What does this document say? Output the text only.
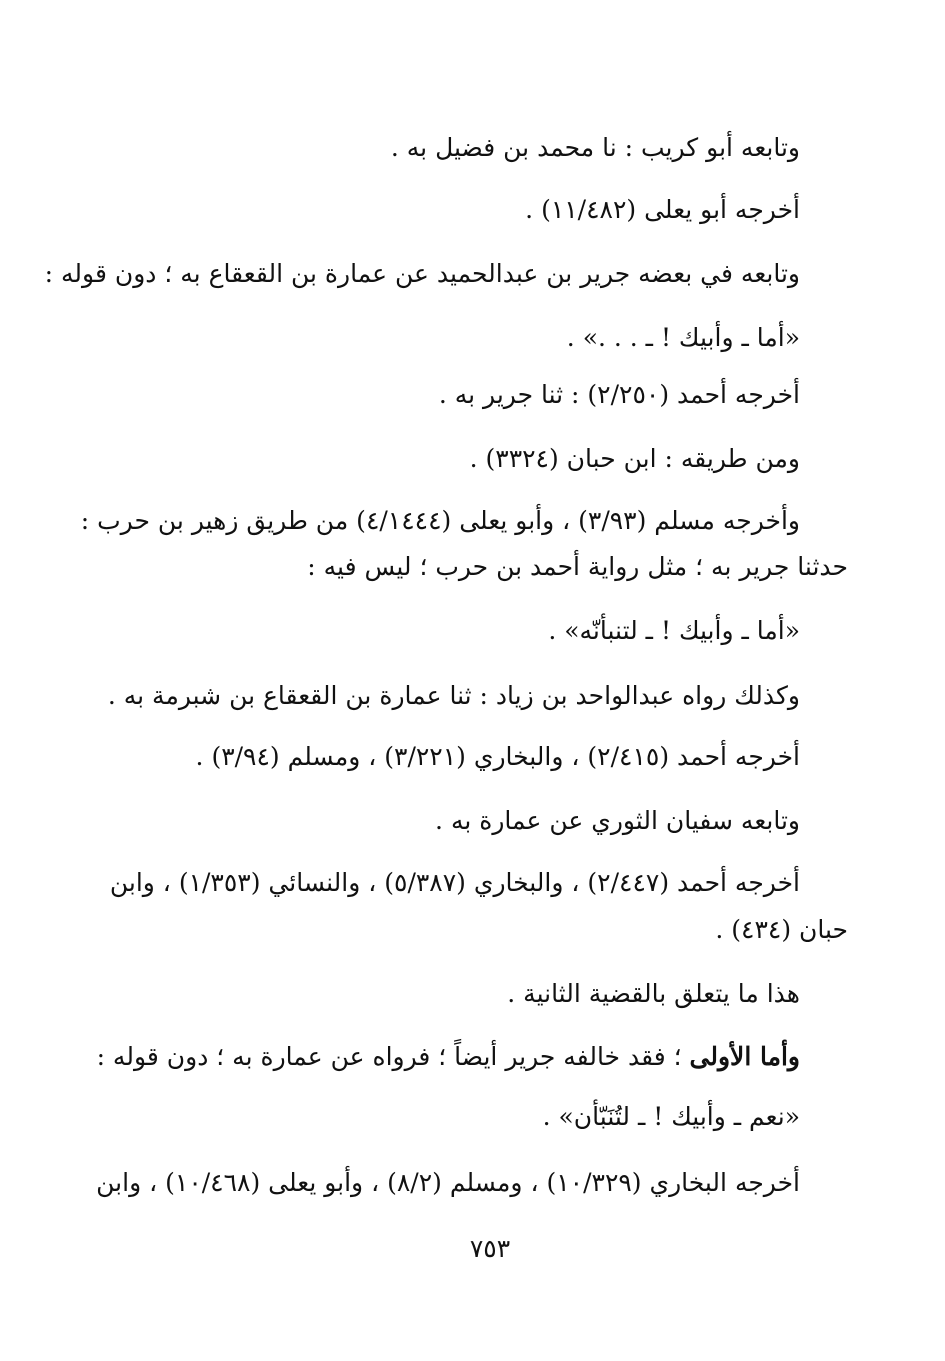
وتابعه أبو كريب : نا محمد بن فضيل به .
أخرجه أبو يعلى (١١/٤٨٢) .
وتابعه في بعضه جرير بن عبدالحميد عن عمارة بن القعقاع به ؛ دون قوله :
«أما ـ وأبيك ! ـ . . .» .
أخرجه أحمد (٢/٢٥٠) : ثنا جرير به .
ومن طريقه : ابن حبان (٣٣٢٤) .
وأخرجه مسلم (٣/٩٣) ، وأبو يعلى (٤/١٤٤٤) من طريق زهير بن حرب :
حدثنا جرير به ؛ مثل رواية أحمد بن حرب ؛ ليس فيه :
«أما ـ وأبيك ! ـ لتنبأنّه» .
وكذلك رواه عبدالواحد بن زياد : ثنا عمارة بن القعقاع بن شبرمة به .
أخرجه أحمد (٢/٤١٥) ، والبخاري (٣/٢٢١) ، ومسلم (٣/٩٤) .
وتابعه سفيان الثوري عن عمارة به .
أخرجه أحمد (٢/٤٤٧) ، والبخاري (٥/٣٨٧) ، والنسائي (١/٣٥٣) ، وابن
حبان (٤٣٤) .
هذا ما يتعلق بالقضية الثانية .
وأما الأولى ؛ فقد خالفه جرير أيضاً ؛ فرواه عن عمارة به ؛ دون قوله :
«نعم ـ وأبيك ! ـ لتُنَبّأن» .
أخرجه البخاري (١٠/٣٢٩) ، ومسلم (٨/٢) ، وأبو يعلى (١٠/٤٦٨) ، وابن
٧٥٣
